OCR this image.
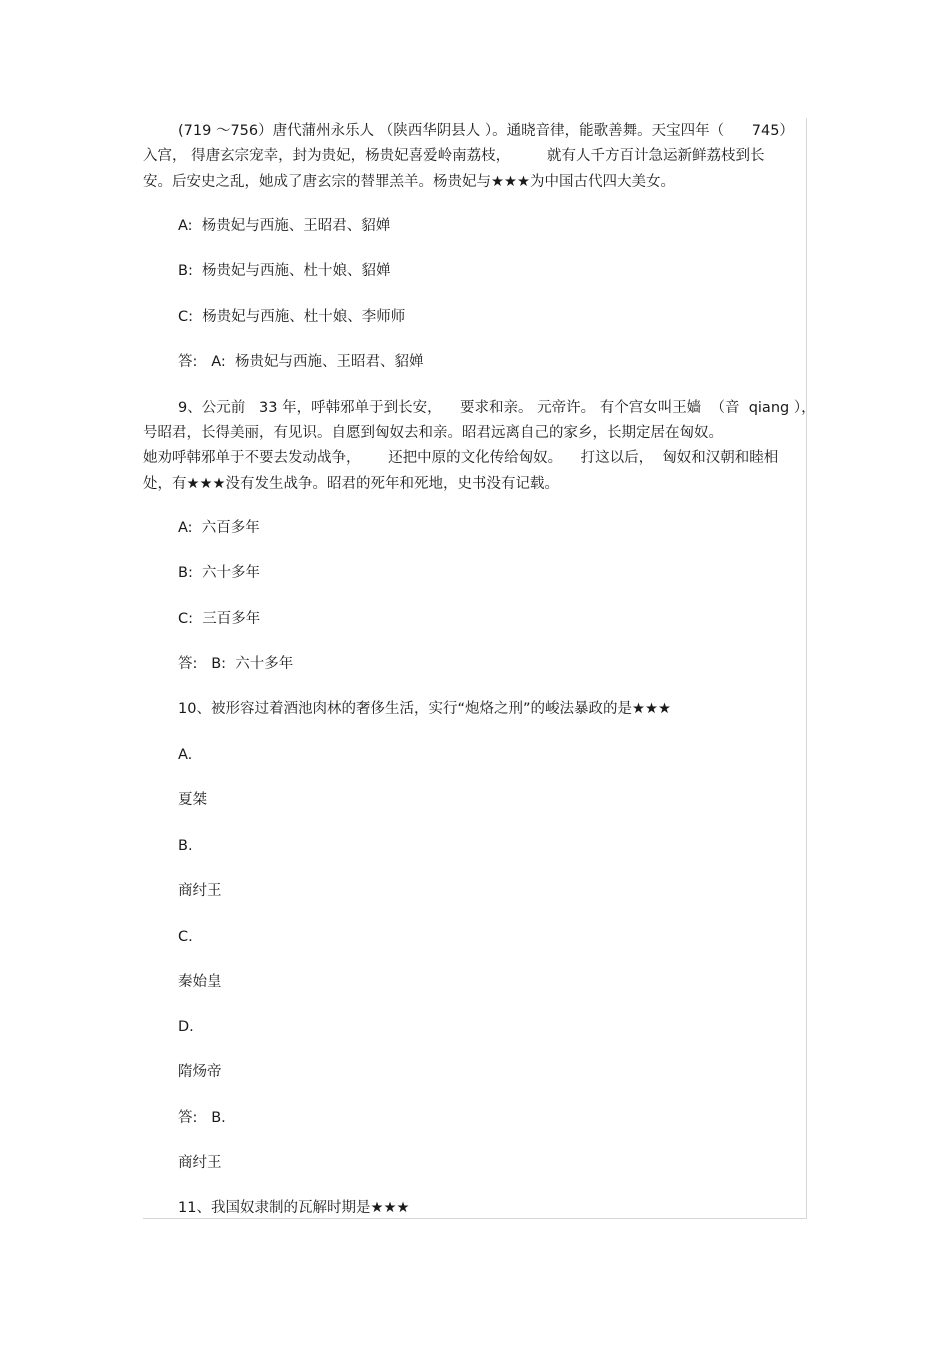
(719 ～756）唐代蒲州永乐人 （陕西华阴县人 ）。通晓音律，能歌善舞。天宝四年（      745）
入宫， 得唐玄宗宠幸，封为贵妃，杨贵妃喜爱岭南荔枝，        就有人千方百计急运新鲜荔枝到长
安。后安史之乱，她成了唐玄宗的替罪羔羊。杨贵妃与★★★为中国古代四大美女。
A:  杨贵妃与西施、王昭君、貂婵
B:  杨贵妃与西施、杜十娘、貂婵
C:  杨贵妃与西施、杜十娘、李师师
答:   A:  杨贵妃与西施、王昭君、貂婵
9、公元前   33 年，呼韩邪单于到长安，    要求和亲。 元帝许。 有个宫女叫王嫱  （音  qiang ），
号昭君，长得美丽，有见识。自愿到匈奴去和亲。昭君远离自己的家乡，长期定居在匈奴。
她劝呼韩邪单于不要去发动战争，      还把中原的文化传给匈奴。    打这以后，  匈奴和汉朝和睦相
处，有★★★没有发生战争。昭君的死年和死地，史书没有记载。
A:  六百多年
B:  六十多年
C:  三百多年
答:   B:  六十多年
10、被形容过着酒池肉林的奢侈生活，实行“炮烙之刑”的峻法暴政的是★★★
A.
夏桀
B.
商纣王
C.
秦始皇
D.
隋炀帝
答:   B.
商纣王
11、我国奴隶制的瓦解时期是★★★
